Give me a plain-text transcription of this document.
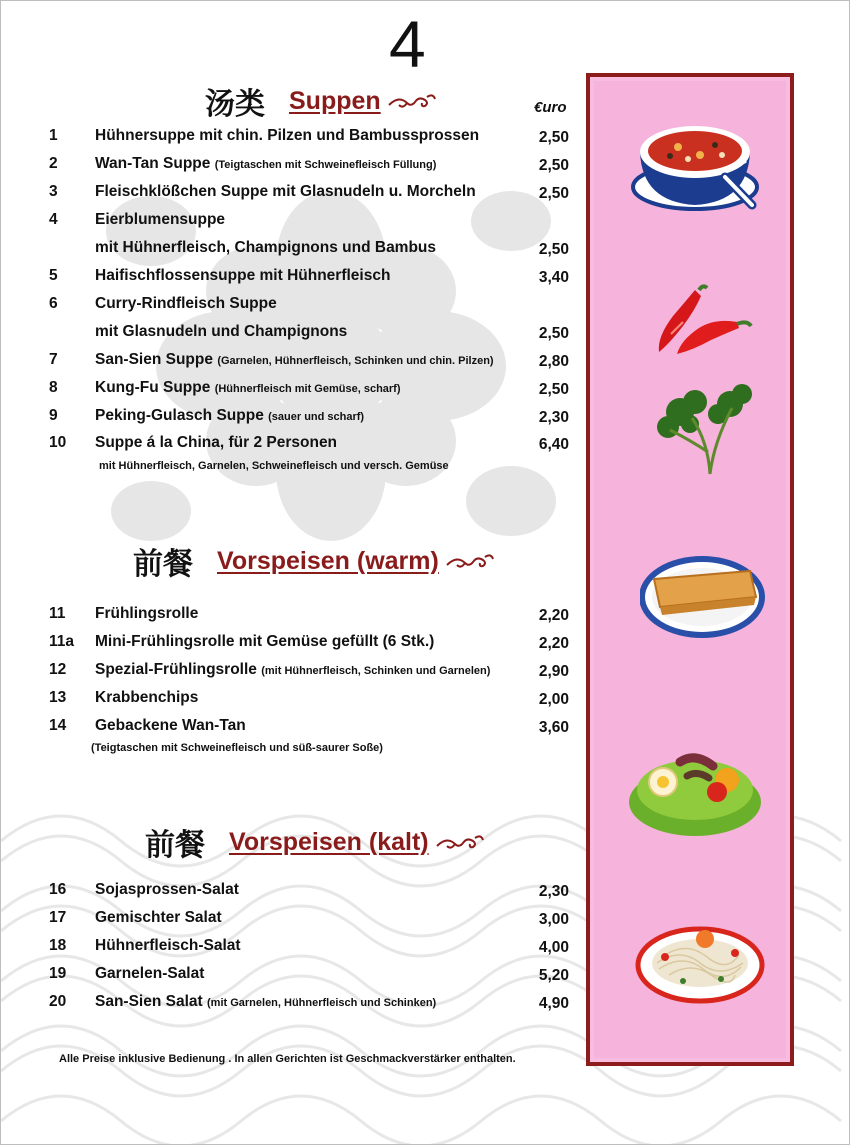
4
汤类 Suppen	€uro
1 Hühnersuppe mit chin. Pilzen und Bambussprossen	2,50
2 Wan-Tan Suppe (Teigtaschen mit Schweinefleisch Füllung)	2,50
3 Fleischklößchen Suppe mit Glasnudeln u. Morcheln	2,50
4 Eierblumensuppe
mit Hühnerfleisch, Champignons und Bambus	2,50
5 Haifischflossensuppe mit Hühnerfleisch	3,40
6 Curry-Rindfleisch Suppe
mit Glasnudeln und Champignons	2,50
7 San-Sien Suppe (Garnelen, Hühnerfleisch, Schinken und chin. Pilzen)	2,80
8 Kung-Fu Suppe (Hühnerfleisch mit Gemüse, scharf)	2,50
9 Peking-Gulasch Suppe (sauer und scharf)	2,30
10 Suppe á la China, für 2 Personen	6,40
mit Hühnerfleisch, Garnelen, Schweinefleisch und versch. Gemüse
前餐 Vorspeisen (warm)
11 Frühlingsrolle	2,20
11a Mini-Frühlingsrolle mit Gemüse gefüllt (6 Stk.)	2,20
12 Spezial-Frühlingsrolle (mit Hühnerfleisch, Schinken und Garnelen)	2,90
13 Krabbenchips	2,00
14 Gebackene Wan-Tan	3,60
(Teigtaschen mit Schweinefleisch und süß-saurer Soße)
前餐 Vorspeisen (kalt)
16 Sojasprossen-Salat	2,30
17 Gemischter Salat	3,00
18 Hühnerfleisch-Salat	4,00
19 Garnelen-Salat	5,20
20 San-Sien Salat (mit Garnelen, Hühnerfleisch und Schinken)	4,90
Alle Preise inklusive Bedienung . In allen Gerichten ist Geschmackverstärker enthalten.
